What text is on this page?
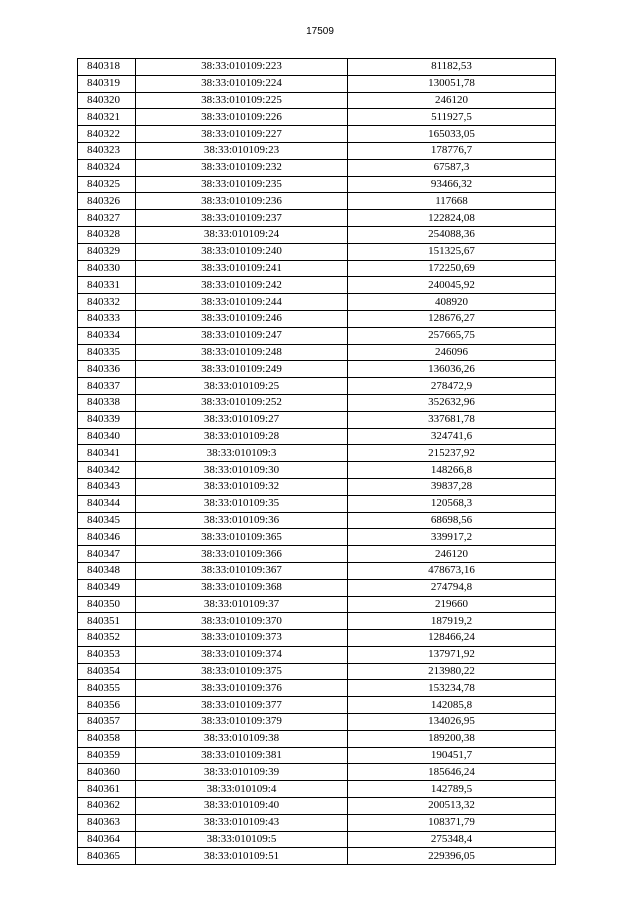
17509
840318	38:33:010109:223	81182,53
840319	38:33:010109:224	130051,78
840320	38:33:010109:225	246120
840321	38:33:010109:226	511927,5
840322	38:33:010109:227	165033,05
840323	38:33:010109:23	178776,7
840324	38:33:010109:232	67587,3
840325	38:33:010109:235	93466,32
840326	38:33:010109:236	117668
840327	38:33:010109:237	122824,08
840328	38:33:010109:24	254088,36
840329	38:33:010109:240	151325,67
840330	38:33:010109:241	172250,69
840331	38:33:010109:242	240045,92
840332	38:33:010109:244	408920
840333	38:33:010109:246	128676,27
840334	38:33:010109:247	257665,75
840335	38:33:010109:248	246096
840336	38:33:010109:249	136036,26
840337	38:33:010109:25	278472,9
840338	38:33:010109:252	352632,96
840339	38:33:010109:27	337681,78
840340	38:33:010109:28	324741,6
840341	38:33:010109:3	215237,92
840342	38:33:010109:30	148266,8
840343	38:33:010109:32	39837,28
840344	38:33:010109:35	120568,3
840345	38:33:010109:36	68698,56
840346	38:33:010109:365	339917,2
840347	38:33:010109:366	246120
840348	38:33:010109:367	478673,16
840349	38:33:010109:368	274794,8
840350	38:33:010109:37	219660
840351	38:33:010109:370	187919,2
840352	38:33:010109:373	128466,24
840353	38:33:010109:374	137971,92
840354	38:33:010109:375	213980,22
840355	38:33:010109:376	153234,78
840356	38:33:010109:377	142085,8
840357	38:33:010109:379	134026,95
840358	38:33:010109:38	189200,38
840359	38:33:010109:381	190451,7
840360	38:33:010109:39	185646,24
840361	38:33:010109:4	142789,5
840362	38:33:010109:40	200513,32
840363	38:33:010109:43	108371,79
840364	38:33:010109:5	275348,4
840365	38:33:010109:51	229396,05
